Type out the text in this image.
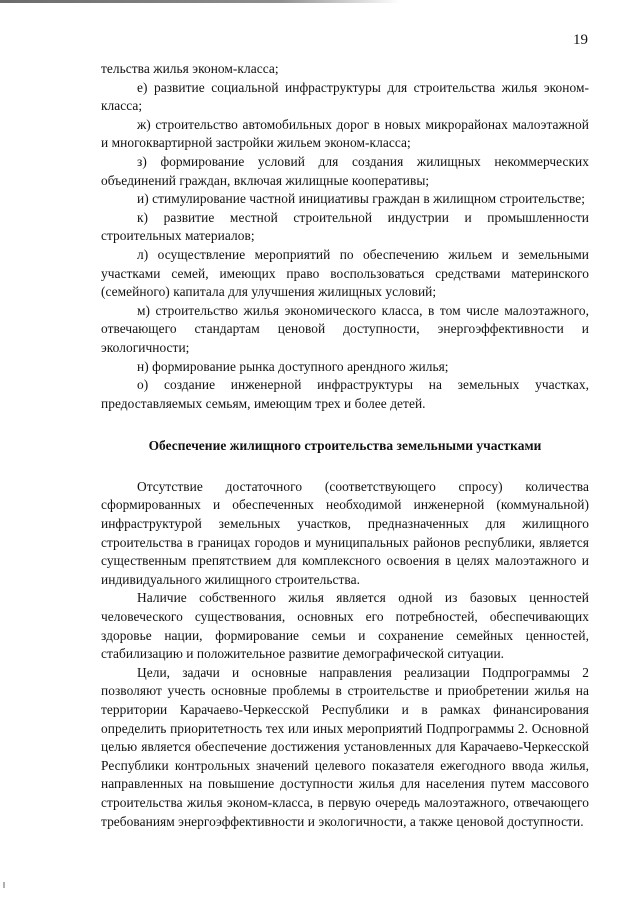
19

тельства жилья эконом-класса;

е) развитие социальной инфраструктуры для строительства жилья эконом-класса;

ж) строительство автомобильных дорог в новых микрорайонах малоэтажной и многоквартирной застройки жильем эконом-класса;

з) формирование условий для создания жилищных некоммерческих объединений граждан, включая жилищные кооперативы;

и) стимулирование частной инициативы граждан в жилищном строительстве;

к) развитие местной строительной индустрии и промышленности строительных материалов;

л) осуществление мероприятий по обеспечению жильем и земельными участками семей, имеющих право воспользоваться средствами материнского (семейного) капитала для улучшения жилищных условий;

м) строительство жилья экономического класса, в том числе малоэтажного, отвечающего стандартам ценовой доступности, энергоэффективности и экологичности;

н) формирование рынка доступного арендного жилья;

о) создание инженерной инфраструктуры на земельных участках, предоставляемых семьям, имеющим трех и более детей.

Обеспечение жилищного строительства земельными участками

Отсутствие достаточного (соответствующего спросу) количества сформированных и обеспеченных необходимой инженерной (коммунальной) инфраструктурой земельных участков, предназначенных для жилищного строительства в границах городов и муниципальных районов республики, является существенным препятствием для комплексного освоения в целях малоэтажного и индивидуального жилищного строительства.

Наличие собственного жилья является одной из базовых ценностей человеческого существования, основных его потребностей, обеспечивающих здоровье нации, формирование семьи и сохранение семейных ценностей, стабилизацию и положительное развитие демографической ситуации.

Цели, задачи и основные направления реализации Подпрограммы 2 позволяют учесть основные проблемы в строительстве и приобретении жилья на территории Карачаево-Черкесской Республики и в рамках финансирования определить приоритетность тех или иных мероприятий Подпрограммы 2. Основной целью является обеспечение достижения установленных для Карачаево-Черкесской Республики контрольных значений целевого показателя ежегодного ввода жилья, направленных на повышение доступности жилья для населения путем массового строительства жилья эконом-класса, в первую очередь малоэтажного, отвечающего требованиям энергоэффективности и экологичности, а также ценовой доступности.
